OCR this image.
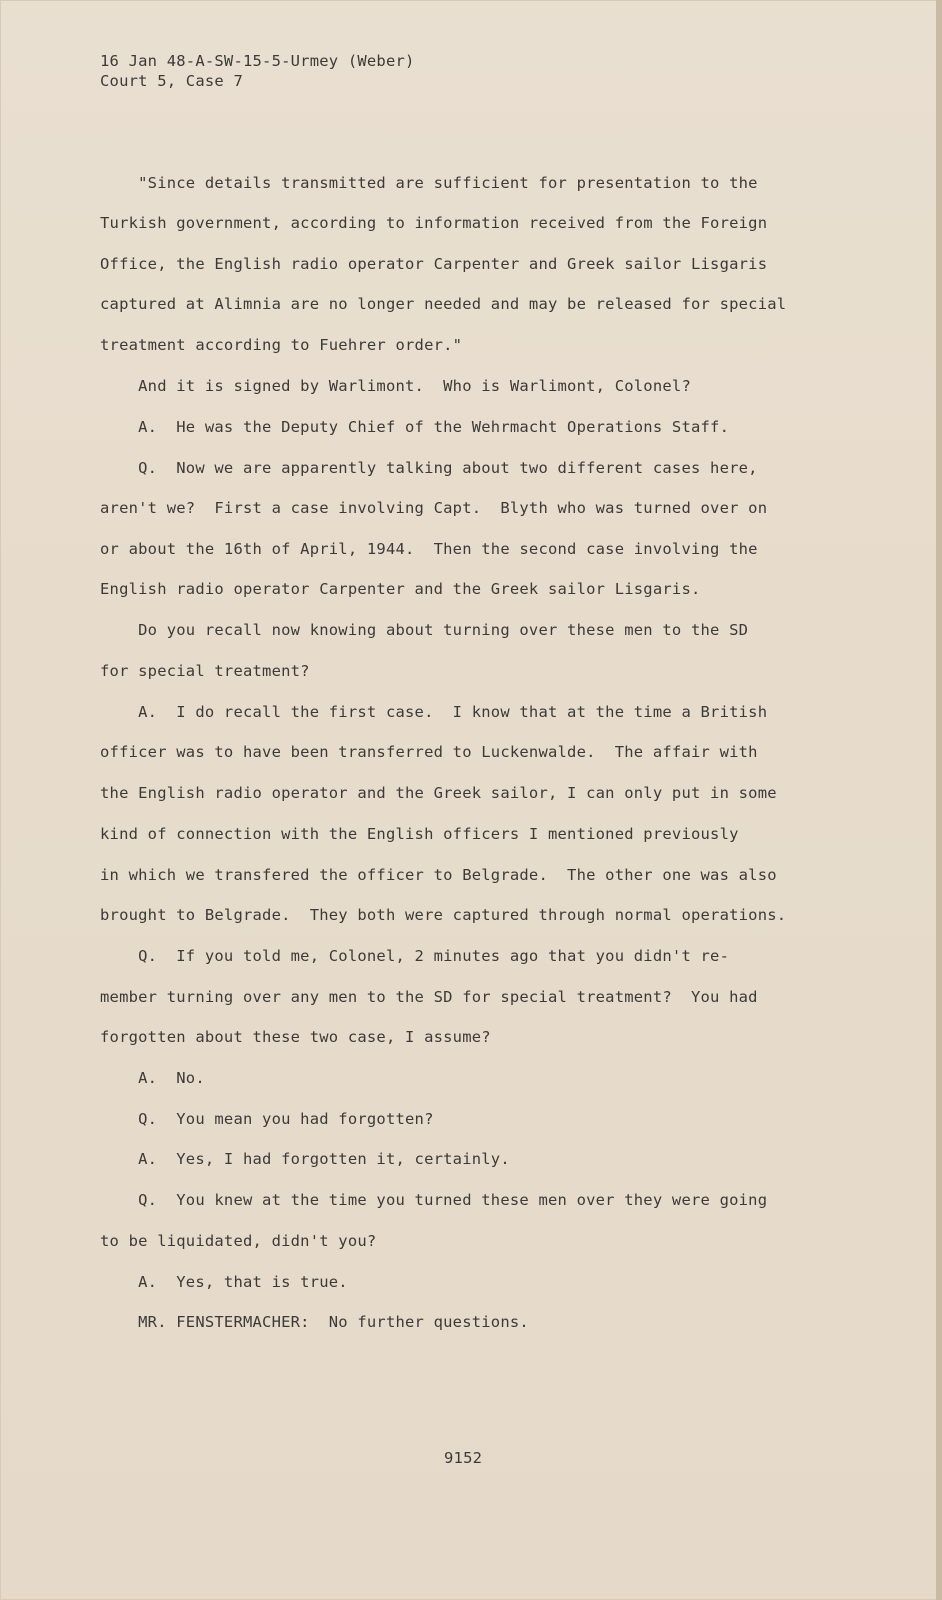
16 Jan 48-A-SW-15-5-Urmey (Weber)
Court 5, Case 7
"Since details transmitted are sufficient for presentation to the
Turkish government, according to information received from the Foreign
Office, the English radio operator Carpenter and Greek sailor Lisgaris
captured at Alimnia are no longer needed and may be released for special
treatment according to Fuehrer order."
And it is signed by Warlimont.  Who is Warlimont, Colonel?
A.  He was the Deputy Chief of the Wehrmacht Operations Staff.
Q.  Now we are apparently talking about two different cases here,
aren't we?  First a case involving Capt.  Blyth who was turned over on
or about the 16th of April, 1944.  Then the second case involving the
English radio operator Carpenter and the Greek sailor Lisgaris.
Do you recall now knowing about turning over these men to the SD
for special treatment?
A.  I do recall the first case.  I know that at the time a British
officer was to have been transferred to Luckenwalde.  The affair with
the English radio operator and the Greek sailor, I can only put in some
kind of connection with the English officers I mentioned previously
in which we transfered the officer to Belgrade.  The other one was also
brought to Belgrade.  They both were captured through normal operations.
Q.  If you told me, Colonel, 2 minutes ago that you didn't re-
member turning over any men to the SD for special treatment?  You had
forgotten about these two case, I assume?
A.  No.
Q.  You mean you had forgotten?
A.  Yes, I had forgotten it, certainly.
Q.  You knew at the time you turned these men over they were going
to be liquidated, didn't you?
A.  Yes, that is true.
MR. FENSTERMACHER:  No further questions.
9152
